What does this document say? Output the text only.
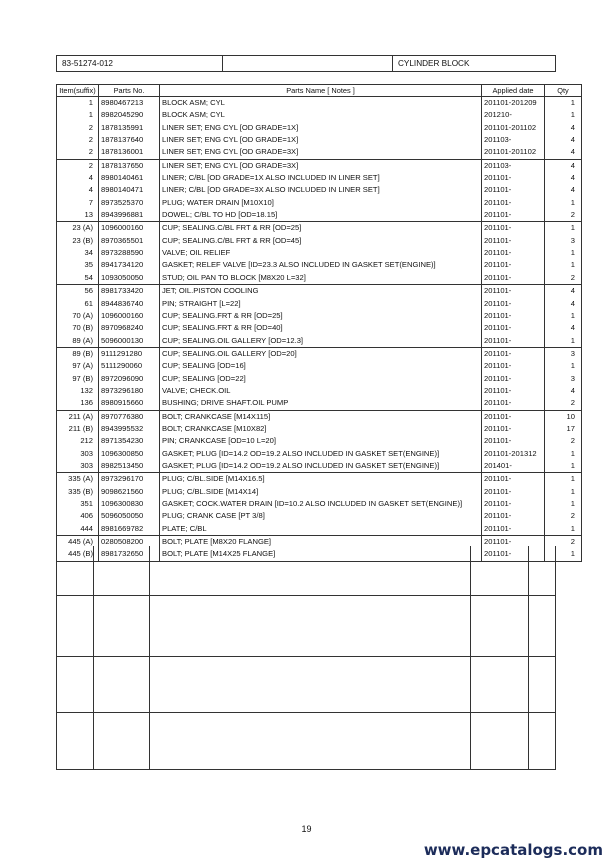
83-51274-012	CYLINDER BLOCK
Item(suffix)	Parts No.	Parts Name [ Notes ]	Applied date	Qty
1	8980467213	BLOCK ASM; CYL	201101-201209	1
1	8982045290	BLOCK ASM; CYL	201210-	1
2	1878135991	LINER SET; ENG CYL [OD GRADE=1X]	201101-201102	4
2	1878137640	LINER SET; ENG CYL [OD GRADE=1X]	201103-	4
2	1878136001	LINER SET; ENG CYL [OD GRADE=3X]	201101-201102	4
2	1878137650	LINER SET; ENG CYL [OD GRADE=3X]	201103-	4
4	8980140461	LINER; C/BL [OD GRADE=1X ALSO INCLUDED IN LINER SET]	201101-	4
4	8980140471	LINER; C/BL [OD GRADE=3X ALSO INCLUDED IN LINER SET]	201101-	4
7	8973525370	PLUG; WATER DRAIN [M10X10]	201101-	1
13	8943996881	DOWEL; C/BL TO HD [OD=18.15]	201101-	2
23 (A)	1096000160	CUP; SEALING.C/BL FRT & RR [OD=25]	201101-	1
23 (B)	8970365501	CUP; SEALING.C/BL FRT & RR [OD=45]	201101-	3
34	8973288590	VALVE; OIL RELIEF	201101-	1
35	8941734120	GASKET; RELEF VALVE [ID=23.3 ALSO INCLUDED IN GASKET SET(ENGINE)]	201101-	1
54	1093050050	STUD; OIL PAN TO BLOCK [M8X20 L=32]	201101-	2
56	8981733420	JET; OIL.PISTON COOLING	201101-	4
61	8944836740	PIN; STRAIGHT [L=22]	201101-	4
70 (A)	1096000160	CUP; SEALING.FRT & RR [OD=25]	201101-	1
70 (B)	8970968240	CUP; SEALING.FRT & RR [OD=40]	201101-	4
89 (A)	5096000130	CUP; SEALING.OIL GALLERY [OD=12.3]	201101-	1
89 (B)	9111291280	CUP; SEALING.OIL GALLERY [OD=20]	201101-	3
97 (A)	5111290060	CUP; SEALING [OD=16]	201101-	1
97 (B)	8972096090	CUP; SEALING [OD=22]	201101-	3
132	8973296180	VALVE; CHECK.OIL	201101-	4
136	8980915660	BUSHING; DRIVE SHAFT.OIL PUMP	201101-	2
211 (A)	8970776380	BOLT; CRANKCASE [M14X115]	201101-	10
211 (B)	8943995532	BOLT; CRANKCASE [M10X82]	201101-	17
212	8971354230	PIN; CRANKCASE [OD=10 L=20]	201101-	2
303	1096300850	GASKET; PLUG [ID=14.2 OD=19.2 ALSO INCLUDED IN GASKET SET(ENGINE)]	201101-201312	1
303	8982513450	GASKET; PLUG [ID=14.2 OD=19.2 ALSO INCLUDED IN GASKET SET(ENGINE)]	201401-	1
335 (A)	8973296170	PLUG; C/BL.SIDE [M14X16.5]	201101-	1
335 (B)	9098621560	PLUG; C/BL.SIDE [M14X14]	201101-	1
351	1096300830	GASKET; COCK.WATER DRAIN [ID=10.2 ALSO INCLUDED IN GASKET SET(ENGINE)]	201101-	1
406	5096050050	PLUG; CRANK CASE [PT 3/8]	201101-	2
444	8981669782	PLATE; C/BL	201101-	1
445 (A)	0280508200	BOLT; PLATE [M8X20 FLANGE]	201101-	2
445 (B)	8981732650	BOLT; PLATE [M14X25 FLANGE]	201101-	1
19
www.epcatalogs.com
